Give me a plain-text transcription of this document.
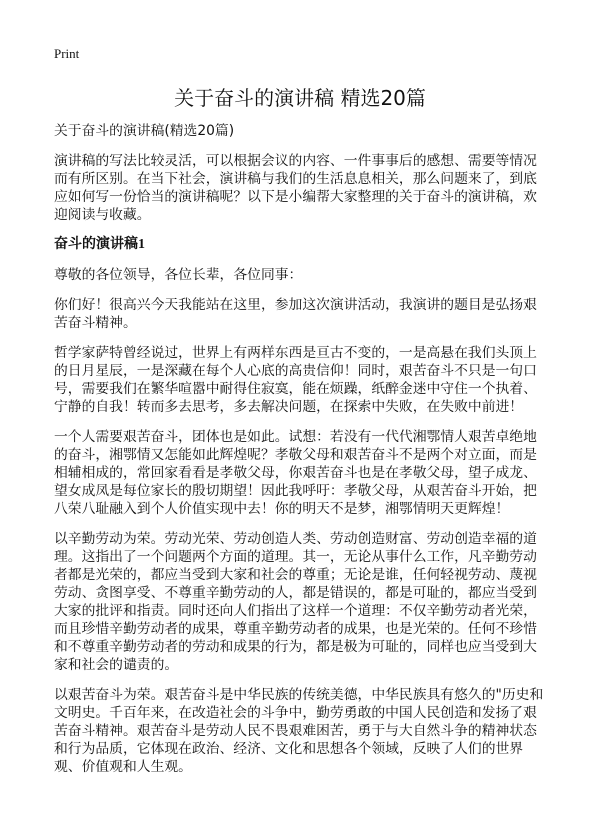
Print
关于奋斗的演讲稿 精选20篇

关于奋斗的演讲稿(精选20篇)

演讲稿的写法比较灵活，可以根据会议的内容、一件事事后的感想、需要等情况而有所区别。在当下社会，演讲稿与我们的生活息息相关，那么问题来了，到底应如何写一份恰当的演讲稿呢？以下是小编帮大家整理的关于奋斗的演讲稿，欢迎阅读与收藏。

奋斗的演讲稿1

尊敬的各位领导，各位长辈，各位同事：

你们好！很高兴今天我能站在这里，参加这次演讲活动，我演讲的题目是弘扬艰苦奋斗精神。

哲学家萨特曾经说过，世界上有两样东西是亘古不变的，一是高悬在我们头顶上的日月星辰，一是深藏在每个人心底的高贵信仰！同时，艰苦奋斗不只是一句口号，需要我们在繁华喧嚣中耐得住寂寞，能在烦躁，纸醉金迷中守住一个执着、宁静的自我！转而多去思考，多去解决问题，在探索中失败，在失败中前进！

一个人需要艰苦奋斗，团体也是如此。试想：若没有一代代湘鄂情人艰苦卓绝地的奋斗，湘鄂情又怎能如此辉煌呢？孝敬父母和艰苦奋斗不是两个对立面，而是相辅相成的，常回家看看是孝敬父母，你艰苦奋斗也是在孝敬父母，望子成龙、望女成凤是每位家长的殷切期望！因此我呼吁：孝敬父母，从艰苦奋斗开始，把八荣八耻融入到个人价值实现中去！你的明天不是梦，湘鄂情明天更辉煌！

以辛勤劳动为荣。劳动光荣、劳动创造人类、劳动创造财富、劳动创造幸福的道理。这指出了一个问题两个方面的道理。其一，无论从事什么工作，凡辛勤劳动者都是光荣的，都应当受到大家和社会的尊重；无论是谁，任何轻视劳动、蔑视劳动、贪图享受、不尊重辛勤劳动的人，都是错误的，都是可耻的，都应当受到大家的批评和指责。同时还向人们指出了这样一个道理：不仅辛勤劳动者光荣，而且珍惜辛勤劳动者的成果，尊重辛勤劳动者的成果，也是光荣的。任何不珍惜和不尊重辛勤劳动者的劳动和成果的行为，都是极为可耻的，同样也应当受到大家和社会的谴责的。

以艰苦奋斗为荣。艰苦奋斗是中华民族的传统美德，中华民族具有悠久的"历史和文明史。千百年来，在改造社会的斗争中，勤劳勇敢的中国人民创造和发扬了艰苦奋斗精神。艰苦奋斗是劳动人民不畏艰难困苦，勇于与大自然斗争的精神状态和行为品质，它体现在政治、经济、文化和思想各个领域，反映了人们的世界观、价值观和人生观。
